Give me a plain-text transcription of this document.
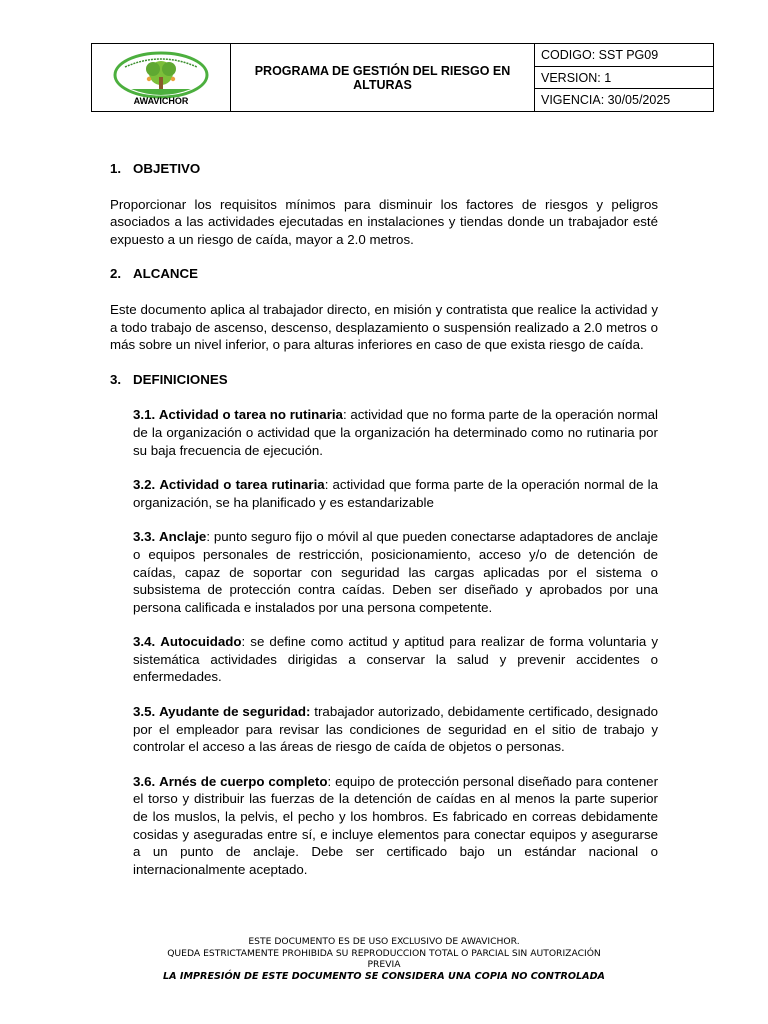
AWAVICHOR
PROGRAMA DE GESTIÓN DEL RIESGO EN ALTURAS
CODIGO: SST PG09
VERSION: 1
VIGENCIA: 30/05/2025
1. OBJETIVO

Proporcionar los requisitos mínimos para disminuir los factores de riesgos y peligros asociados a las actividades ejecutadas en instalaciones y tiendas donde un trabajador esté expuesto a un riesgo de caída, mayor a 2.0 metros.

2. ALCANCE

Este documento aplica al trabajador directo, en misión y contratista que realice la actividad y a todo trabajo de ascenso, descenso, desplazamiento o suspensión realizado a 2.0 metros o más sobre un nivel inferior, o para alturas inferiores en caso de que exista riesgo de caída.

3. DEFINICIONES
3.1. Actividad o tarea no rutinaria: actividad que no forma parte de la operación normal de la organización o actividad que la organización ha determinado como no rutinaria por su baja frecuencia de ejecución.
3.2. Actividad o tarea rutinaria: actividad que forma parte de la operación normal de la organización, se ha planificado y es estandarizable
3.3. Anclaje: punto seguro fijo o móvil al que pueden conectarse adaptadores de anclaje o equipos personales de restricción, posicionamiento, acceso y/o de detención de caídas, capaz de soportar con seguridad las cargas aplicadas por el sistema o subsistema de protección contra caídas. Deben ser diseñado y aprobados por una persona calificada e instalados por una persona competente.
3.4. Autocuidado: se define como actitud y aptitud para realizar de forma voluntaria y sistemática actividades dirigidas a conservar la salud y prevenir accidentes o enfermedades.
3.5. Ayudante de seguridad: trabajador autorizado, debidamente certificado, designado por el empleador para revisar las condiciones de seguridad en el sitio de trabajo y controlar el acceso a las áreas de riesgo de caída de objetos o personas.
3.6. Arnés de cuerpo completo: equipo de protección personal diseñado para contener el torso y distribuir las fuerzas de la detención de caídas en al menos la parte superior de los muslos, la pelvis, el pecho y los hombros. Es fabricado en correas debidamente cosidas y aseguradas entre sí, e incluye elementos para conectar equipos y asegurarse a un punto de anclaje. Debe ser certificado bajo un estándar nacional o internacionalmente aceptado.
ESTE DOCUMENTO ES DE USO EXCLUSIVO DE AWAVICHOR.
QUEDA ESTRICTAMENTE PROHIBIDA SU REPRODUCCION TOTAL O PARCIAL SIN AUTORIZACIÓN
PREVIA
LA IMPRESIÓN DE ESTE DOCUMENTO SE CONSIDERA UNA COPIA NO CONTROLADA
